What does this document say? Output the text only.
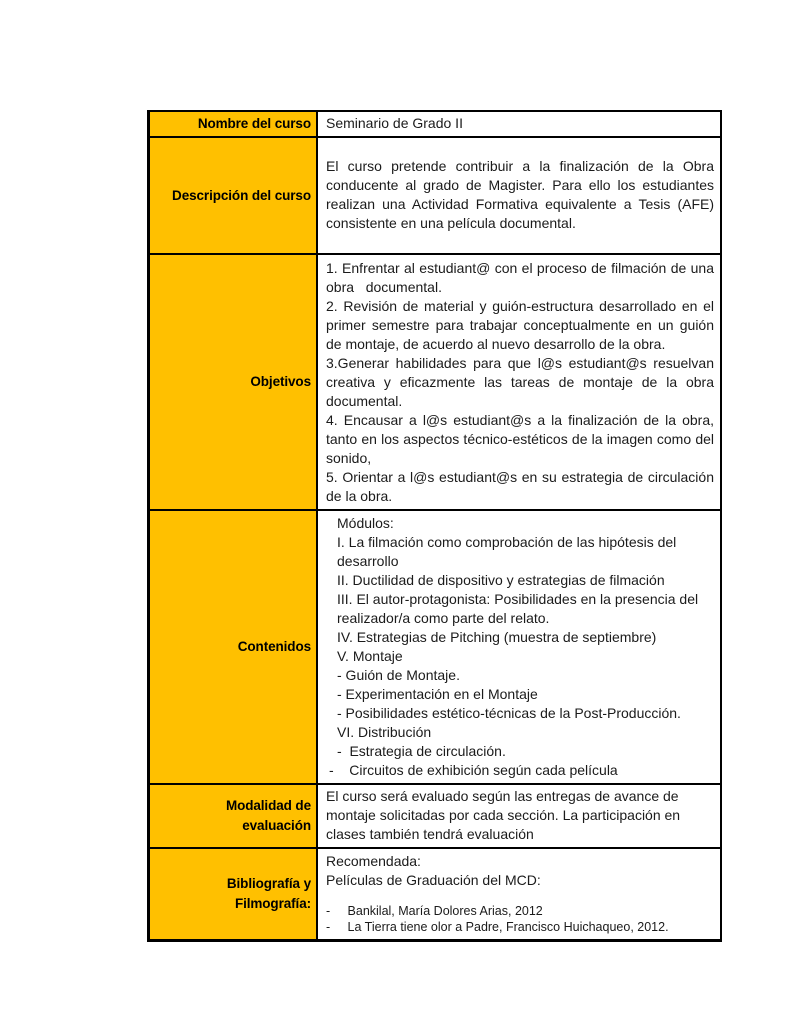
Nombre del curso Seminario de Grado II
Descripción del curso
El curso pretende contribuir a la finalización de la Obra conducente al grado de Magister. Para ello los estudiantes realizan una Actividad Formativa equivalente a Tesis (AFE) consistente en una película documental.
Objetivos
1. Enfrentar al estudiant@ con el proceso de filmación de una obra   documental.
2. Revisión de material y guión-estructura desarrollado en el primer semestre para trabajar conceptualmente en un guión de montaje, de acuerdo al nuevo desarrollo de la obra.
3.Generar habilidades para que l@s estudiant@s resuelvan creativa y eficazmente las tareas de montaje de la obra documental.
4. Encausar a l@s estudiant@s a la finalización de la obra, tanto en los aspectos técnico-estéticos de la imagen como del sonido,
5. Orientar a l@s estudiant@s en su estrategia de circulación de la obra.
Contenidos
Módulos:
I. La filmación como comprobación de las hipótesis del desarrollo
II. Ductilidad de dispositivo y estrategias de filmación
III. El autor-protagonista: Posibilidades en la presencia del realizador/a como parte del relato.
IV. Estrategias de Pitching (muestra de septiembre)
V. Montaje
- Guión de Montaje.
- Experimentación en el Montaje
- Posibilidades estético-técnicas de la Post-Producción.
VI. Distribución
-  Estrategia de circulación.
-    Circuitos de exhibición según cada película
Modalidad de evaluación
El curso será evaluado según las entregas de avance de montaje solicitadas por cada sección. La participación en clases también tendrá evaluación
Bibliografía y Filmografía:
Recomendada:
Películas de Graduación del MCD:
-     Bankilal, María Dolores Arias, 2012
-     La Tierra tiene olor a Padre, Francisco Huichaqueo, 2012.
